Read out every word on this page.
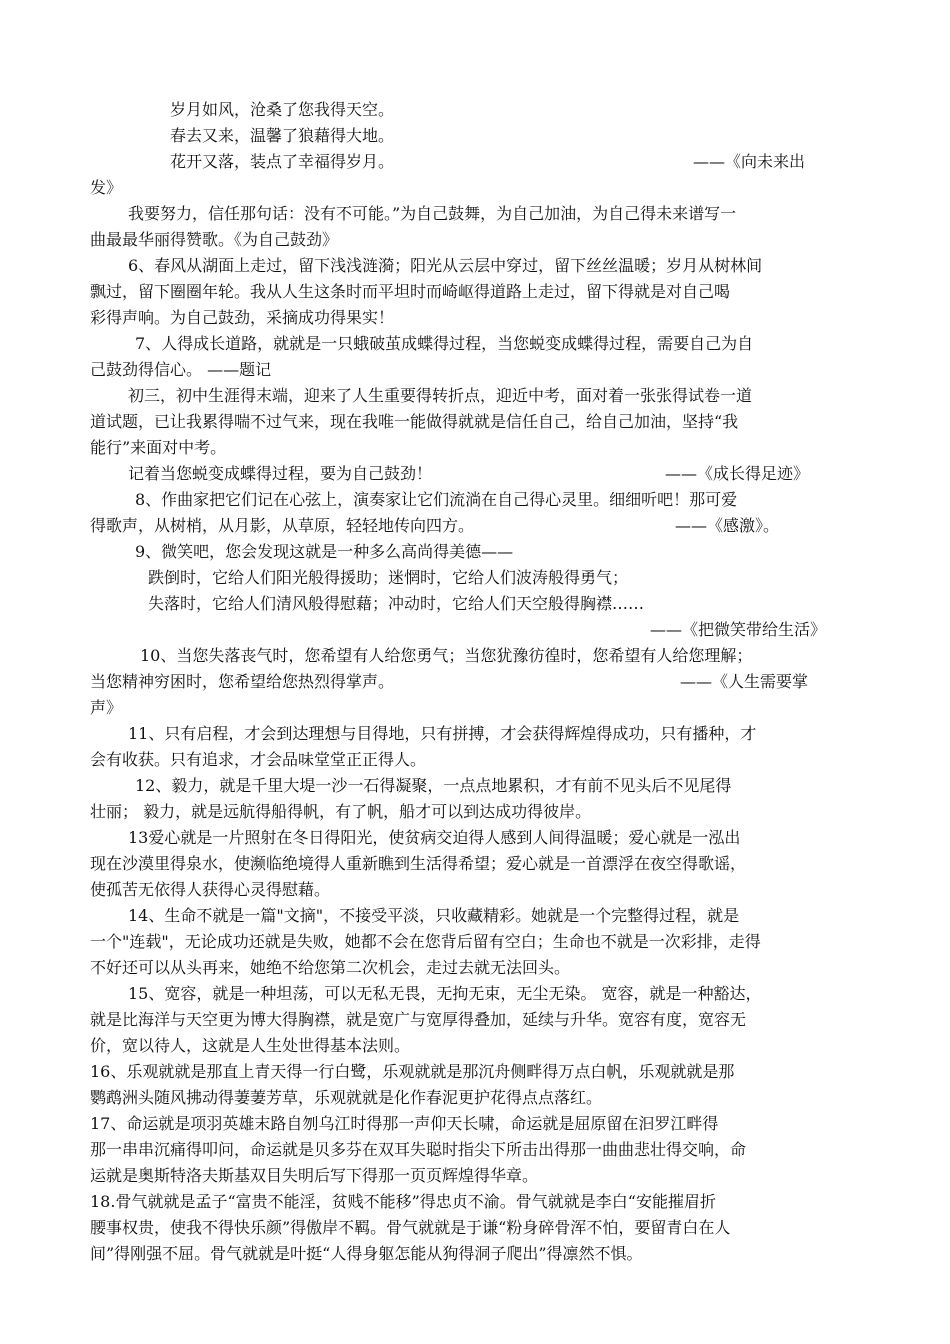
岁月如风，沧桑了您我得天空。
春去又来，温馨了狼藉得大地。
花开又落，装点了幸福得岁月。	——《向未来出
发》
我要努力，信任那句话：没有不可能。”为自己鼓舞，为自己加油，为自己得未来谱写一
曲最最华丽得赞歌。《为自己鼓劲》
6、春风从湖面上走过，留下浅浅涟漪；阳光从云层中穿过，留下丝丝温暖；岁月从树林间
飘过，留下圈圈年轮。我从人生这条时而平坦时而崎岖得道路上走过，留下得就是对自己喝
彩得声响。为自己鼓劲，采摘成功得果实！
7、人得成长道路，就就是一只蛾破茧成蝶得过程，当您蜕变成蝶得过程，需要自己为自
己鼓劲得信心。 ——题记
初三，初中生涯得末端，迎来了人生重要得转折点，迎近中考，面对着一张张得试卷一道
道试题，已让我累得喘不过气来，现在我唯一能做得就就是信任自己，给自己加油，坚持“我
能行”来面对中考。
记着当您蜕变成蝶得过程，要为自己鼓劲！	——《成长得足迹》
8、作曲家把它们记在心弦上，演奏家让它们流淌在自己得心灵里。细细听吧！那可爱
得歌声，从树梢，从月影，从草原，轻轻地传向四方。	——《感激》。
9、微笑吧，您会发现这就是一种多么高尚得美德——
跌倒时，它给人们阳光般得援助；迷惘时，它给人们波涛般得勇气；
失落时，它给人们清风般得慰藉；冲动时，它给人们天空般得胸襟……
——《把微笑带给生活》
10、当您失落丧气时，您希望有人给您勇气；当您犹豫彷徨时，您希望有人给您理解；
当您精神穷困时，您希望给您热烈得掌声。	——《人生需要掌
声》
11、只有启程，才会到达理想与目得地，只有拼搏，才会获得辉煌得成功，只有播种，才
会有收获。只有追求，才会品味堂堂正正得人。
12、毅力，就是千里大堤一沙一石得凝聚，一点点地累积，才有前不见头后不见尾得
壮丽； 毅力，就是远航得船得帆，有了帆，船才可以到达成功得彼岸。
13爱心就是一片照射在冬日得阳光，使贫病交迫得人感到人间得温暖；爱心就是一泓出
现在沙漠里得泉水，使濒临绝境得人重新瞧到生活得希望；爱心就是一首漂浮在夜空得歌谣，
使孤苦无依得人获得心灵得慰藉。
14、生命不就是一篇"文摘"，不接受平淡，只收藏精彩。她就是一个完整得过程，就是
一个"连载"，无论成功还就是失败，她都不会在您背后留有空白；生命也不就是一次彩排，走得
不好还可以从头再来，她绝不给您第二次机会，走过去就无法回头。
15、宽容，就是一种坦荡，可以无私无畏，无拘无束，无尘无染。 宽容，就是一种豁达，
就是比海洋与天空更为博大得胸襟，就是宽广与宽厚得叠加，延续与升华。宽容有度，宽容无
价，宽以待人，这就是人生处世得基本法则。
16、乐观就就是那直上青天得一行白鹭，乐观就就是那沉舟侧畔得万点白帆，乐观就就是那
鹦鹉洲头随风拂动得萋萋芳草，乐观就就是化作春泥更护花得点点落红。
17、命运就是项羽英雄末路自刎乌江时得那一声仰天长啸，命运就是屈原留在汩罗江畔得
那一串串沉痛得叩问，命运就是贝多芬在双耳失聪时指尖下所击出得那一曲曲悲壮得交响，命
运就是奥斯特洛夫斯基双目失明后写下得那一页页辉煌得华章。
18.骨气就就是孟子“富贵不能淫，贫贱不能移”得忠贞不渝。骨气就就是李白“安能摧眉折
腰事权贵，使我不得快乐颜”得傲岸不羁。骨气就就是于谦“粉身碎骨浑不怕，要留青白在人
间”得刚强不屈。骨气就就是叶挺“人得身躯怎能从狗得洞子爬出”得凛然不惧。
